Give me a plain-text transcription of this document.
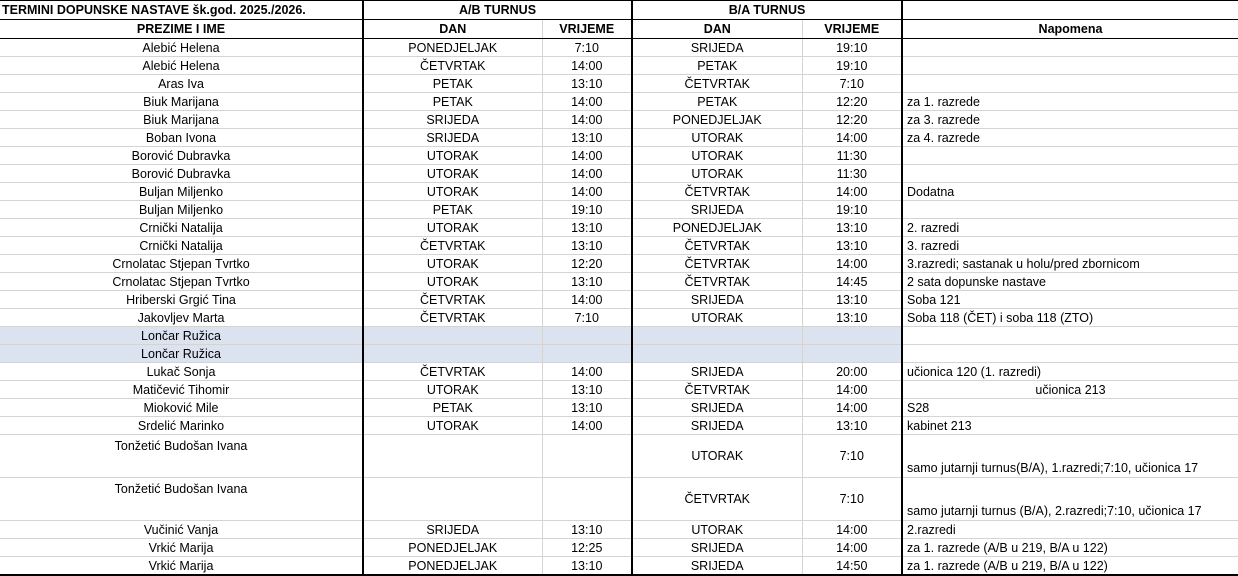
TERMINI DOPUNSKE NASTAVE šk.god. 2025./2026.	A/B TURNUS		B/A TURNUS		
PREZIME I IME	DAN	VRIJEME	DAN	VRIJEME	Napomena
Alebić Helena	PONEDJELJAK	7:10	SRIJEDA	19:10	
Alebić Helena	ČETVRTAK	14:00	PETAK	19:10	
Aras Iva	PETAK	13:10	ČETVRTAK	7:10	
Biuk Marijana	PETAK	14:00	PETAK	12:20	za 1. razrede
Biuk Marijana	SRIJEDA	14:00	PONEDJELJAK	12:20	za 3. razrede
Boban Ivona	SRIJEDA	13:10	UTORAK	14:00	za 4. razrede
Borović Dubravka	UTORAK	14:00	UTORAK	11:30	
Borović Dubravka	UTORAK	14:00	UTORAK	11:30	
Buljan Miljenko	UTORAK	14:00	ČETVRTAK	14:00	Dodatna
Buljan Miljenko	PETAK	19:10	SRIJEDA	19:10	
Crnički Natalija	UTORAK	13:10	PONEDJELJAK	13:10	2. razredi
Crnički Natalija	ČETVRTAK	13:10	ČETVRTAK	13:10	3. razredi
Crnolatac Stjepan Tvrtko	UTORAK	12:20	ČETVRTAK	14:00	3.razredi; sastanak u holu/pred zbornicom
Crnolatac Stjepan Tvrtko	UTORAK	13:10	ČETVRTAK	14:45	2 sata dopunske nastave
Hriberski Grgić Tina	ČETVRTAK	14:00	SRIJEDA	13:10	Soba 121
Jakovljev Marta	ČETVRTAK	7:10	UTORAK	13:10	Soba 118 (ČET) i soba 118 (ZTO)
Lončar Ružica					
Lončar Ružica					
Lukač Sonja	ČETVRTAK	14:00	SRIJEDA	20:00	učionica 120 (1. razredi)
Matičević Tihomir	UTORAK	13:10	ČETVRTAK	14:00	učionica 213
Mioković Mile	PETAK	13:10	SRIJEDA	14:00	S28
Srdelić Marinko	UTORAK	14:00	SRIJEDA	13:10	kabinet 213
Tonžetić Budošan Ivana			UTORAK	7:10	samo jutarnji turnus(B/A), 1.razredi;7:10, učionica 17
Tonžetić Budošan Ivana			ČETVRTAK	7:10	samo jutarnji turnus (B/A), 2.razredi;7:10, učionica 17
Vučinić Vanja	SRIJEDA	13:10	UTORAK	14:00	2.razredi
Vrkić Marija	PONEDJELJAK	12:25	SRIJEDA	14:00	za 1. razrede (A/B u 219, B/A u 122)
Vrkić Marija	PONEDJELJAK	13:10	SRIJEDA	14:50	za 1. razrede (A/B u 219, B/A u 122)
